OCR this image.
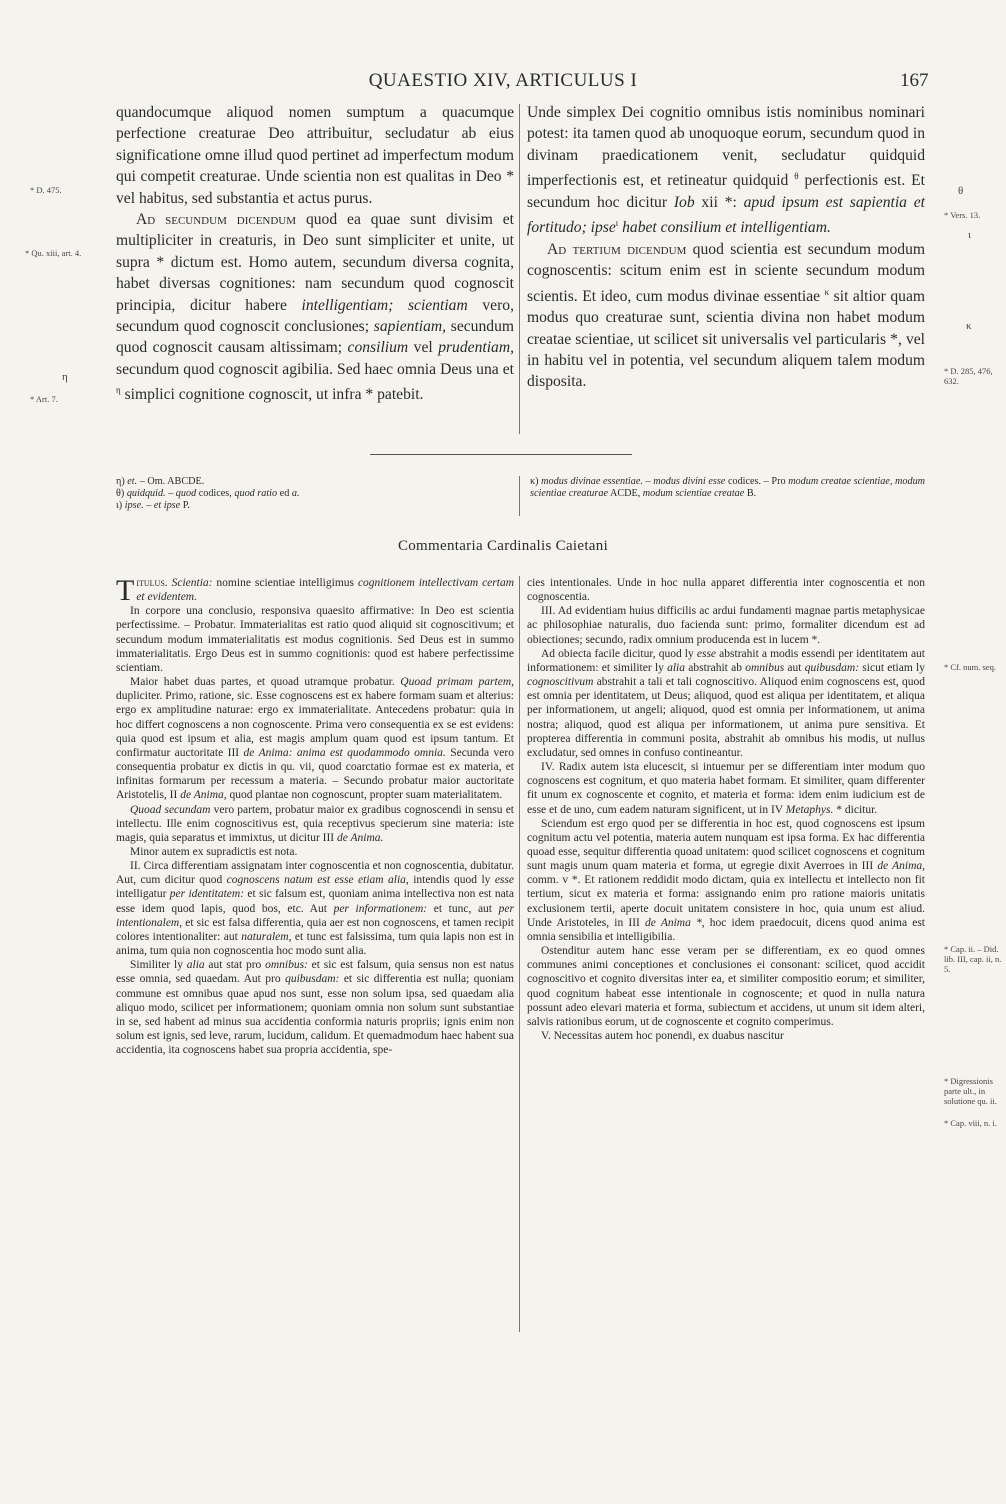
QUAESTIO XIV, ARTICULUS I	167
* D. 475.
* Qu. xiii, art. 4.
η
* Art. 7.

quandocumque aliquod nomen sumptum a quacumque perfectione creaturae Deo attribuitur, secludatur ab eius significatione omne illud quod pertinet ad imperfectum modum qui competit creaturae. Unde scientia non est qualitas in Deo * vel habitus, sed substantia et actus purus.

Ad secundum dicendum quod ea quae sunt divisim et multipliciter in creaturis, in Deo sunt simpliciter et unite, ut supra * dictum est. Homo autem, secundum diversa cognita, habet diversas cognitiones: nam secundum quod cognoscit principia, dicitur habere intelligentiam; scientiam vero, secundum quod cognoscit conclusiones; sapientiam, secundum quod cognoscit causam altissimam; consilium vel prudentiam, secundum quod cognoscit agibilia. Sed haec omnia Deus una et $^\eta$ simplici cognitione cognoscit, ut infra * patebit.

Unde simplex Dei cognitio omnibus istis nominibus nominari potest: ita tamen quod ab unoquoque eorum, secundum quod in divinam praedicationem venit, secludatur quidquid imperfectionis est, et retineatur quidquid $^\theta$ perfectionis est. Et secundum hoc dicitur Iob xii *: apud ipsum est sapientia et fortitudo; ipse$^\iota$ habet consilium et intelligentiam.

Ad tertium dicendum quod scientia est secundum modum cognoscentis: scitum enim est in sciente secundum modum scientis. Et ideo, cum modus divinae essentiae $^\kappa$ sit altior quam modus quo creaturae sunt, scientia divina non habet modum creatae scientiae, ut scilicet sit universalis vel particularis *, vel in habitu vel in potentia, vel secundum aliquem talem modum disposita.

θ
* Vers. 13.
ι
κ
* D. 285, 476, 632.

η) et. – Om. ABCDE.

θ) quidquid. – quod codices, quod ratio ed a.

ι) ipse. – et ipse P.

κ) modus divinae essentiae. – modus divini esse codices. – Pro modum creatae scientiae, modum scientiae creaturae ACDE, modum scientiae creatae B.

Commentaria Cardinalis Caietani

Titulus. Scientia: nomine scientiae intelligimus cognitionem intellectivam certam et evidentem.

In corpore una conclusio, responsiva quaesito affirmative: In Deo est scientia perfectissime. – Probatur. Immaterialitas est ratio quod aliquid sit cognoscitivum; et secundum modum immaterialitatis est modus cognitionis. Sed Deus est in summo immaterialitatis. Ergo Deus est in summo cognitionis: quod est habere perfectissime scientiam.

Maior habet duas partes, et quoad utramque probatur. Quoad primam partem, dupliciter. Primo, ratione, sic. Esse cognoscens est ex habere formam suam et alterius: ergo ex amplitudine naturae: ergo ex immaterialitate. Antecedens probatur: quia in hoc differt cognoscens a non cognoscente. Prima vero consequentia ex se est evidens: quia quod est ipsum et alia, est magis amplum quam quod est ipsum tantum. Et confirmatur auctoritate III de Anima: anima est quodammodo omnia. Secunda vero consequentia probatur ex dictis in qu. vii, quod coarctatio formae est ex materia, et infinitas formarum per recessum a materia. – Secundo probatur maior auctoritate Aristotelis, II de Anima, quod plantae non cognoscunt, propter suam materialitatem.

Quoad secundam vero partem, probatur maior ex gradibus cognoscendi in sensu et intellectu. Ille enim cognoscitivus est, quia receptivus specierum sine materia: iste magis, quia separatus et immixtus, ut dicitur III de Anima.

Minor autem ex supradictis est nota.

II. Circa differentiam assignatam inter cognoscentia et non cognoscentia, dubitatur. Aut, cum dicitur quod cognoscens natum est esse etiam alia, intendis quod ly esse intelligatur per identitatem: et sic falsum est, quoniam anima intellectiva non est nata esse idem quod lapis, quod bos, etc. Aut per informationem: et tunc, aut per intentionalem, et sic est falsa differentia, quia aer est non cognoscens, et tamen recipit colores intentionaliter: aut naturalem, et tunc est falsissima, tum quia lapis non est in anima, tum quia non cognoscentia hoc modo sunt alia.

Similiter ly alia aut stat pro omnibus: et sic est falsum, quia sensus non est natus esse omnia, sed quaedam. Aut pro quibusdam: et sic differentia est nulla; quoniam commune est omnibus quae apud nos sunt, esse non solum ipsa, sed quaedam alia aliquo modo, scilicet per informationem; quoniam omnia non solum sunt substantiae in se, sed habent ad minus sua accidentia conformia naturis propriis; ignis enim non solum est ignis, sed leve, rarum, lucidum, calidum. Et quemadmodum haec habent sua accidentia, ita cognoscens habet sua propria accidentia, spe-

cies intentionales. Unde in hoc nulla apparet differentia inter cognoscentia et non cognoscentia.

III. Ad evidentiam huius difficilis ac ardui fundamenti magnae partis metaphysicae ac philosophiae naturalis, duo facienda sunt: primo, formaliter dicendum est ad obiectiones; secundo, radix omnium producenda est in lucem *.

Ad obiecta facile dicitur, quod ly esse abstrahit a modis essendi per identitatem aut informationem: et similiter ly alia abstrahit ab omnibus aut quibusdam: sicut etiam ly cognoscitivum abstrahit a tali et tali cognoscitivo. Aliquod enim cognoscens est, quod est omnia per identitatem, ut Deus; aliquod, quod est aliqua per identitatem, et aliqua per informationem, ut angeli; aliquod, quod est omnia per informationem, ut anima nostra; aliquod, quod est aliqua per informationem, ut anima pure sensitiva. Et propterea differentia in communi posita, abstrahit ab omnibus his modis, ut nullus excludatur, sed omnes in confuso contineantur.

IV. Radix autem ista elucescit, si intuemur per se differentiam inter modum quo cognoscens est cognitum, et quo materia habet formam. Et similiter, quam differenter fit unum ex cognoscente et cognito, et materia et forma: idem enim iudicium est de esse et de uno, cum eadem naturam significent, ut in IV Metaphys. * dicitur.

Sciendum est ergo quod per se differentia in hoc est, quod cognoscens est ipsum cognitum actu vel potentia, materia autem nunquam est ipsa forma. Ex hac differentia quoad esse, sequitur differentia quoad unitatem: quod scilicet cognoscens et cognitum sunt magis unum quam materia et forma, ut egregie dixit Averroes in III de Anima, comm. v *. Et rationem reddidit modo dictam, quia ex intellectu et intellecto non fit tertium, sicut ex materia et forma: assignando enim pro ratione maioris unitatis exclusionem tertii, aperte docuit unitatem consistere in hoc, quia unum est aliud. Unde Aristoteles, in III de Anima *, hoc idem praedocuit, dicens quod anima est omnia sensibilia et intelligibilia.

Ostenditur autem hanc esse veram per se differentiam, ex eo quod omnes communes animi conceptiones et conclusiones ei consonant: scilicet, quod accidit cognoscitivo et cognito diversitas inter ea, et similiter compositio eorum; et similiter, quod cognitum habeat esse intentionale in cognoscente; et quod in nulla natura possunt adeo elevari materia et forma, subiectum et accidens, ut unum sit idem alteri, salvis rationibus eorum, ut de cognoscente et cognito comperimus.

V. Necessitas autem hoc ponendi, ex duabus nascitur

* Cf. num. seq.
* Cap. ii. – Did. lib. III, cap. ii, n. 5.
* Digressionis parte ult., in solutione qu. ii.
* Cap. viii, n. i.
